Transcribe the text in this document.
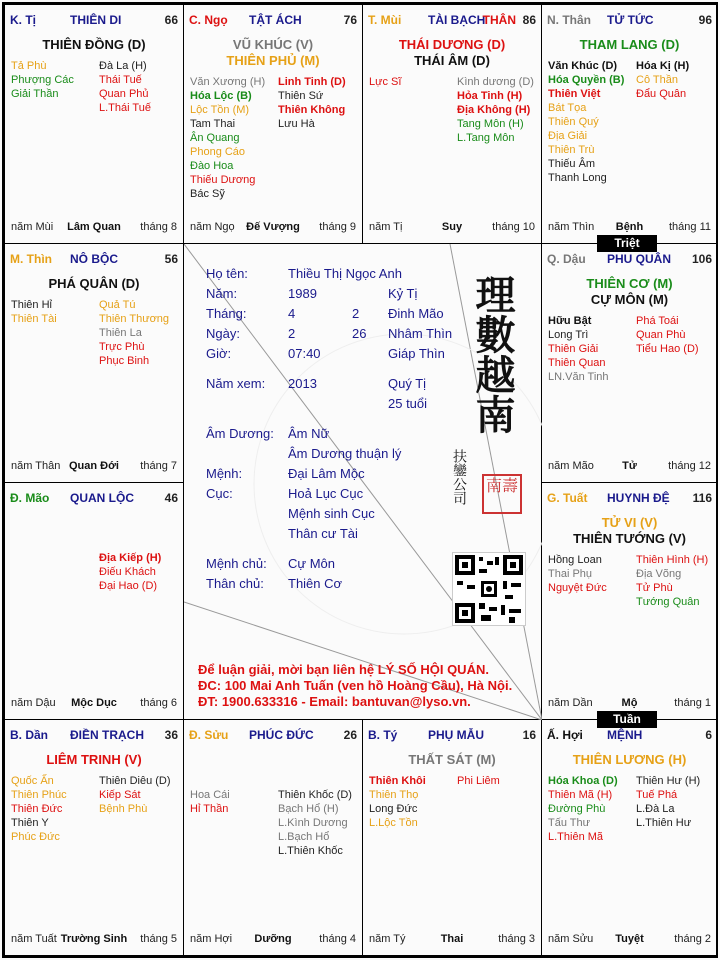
K. Tị	THIÊN DI	66
THIÊN ĐỒNG (D)
Tả Phù
Phượng Các
Giải Thần
Đà La (H)
Thái Tuế
Quan Phủ
L.Thái Tuế
năm Mùi	Lâm Quan	tháng 8
C. Ngọ TẬT ÁCH	76
VŨ KHÚC (V)
THIÊN PHỦ (M)
Văn Xương (H)
Hóa Lộc (B)
Lộc Tồn (M)
Tam Thai
Ân Quang
Phong Cáo
Đào Hoa
Thiếu Dương
Bác Sỹ
Linh Tinh (D)
Thiên Sứ
Thiên Không
Lưu Hà
năm Ngọ	Đế Vượng	tháng 9
T. Mùi TÀI BẠCH
THÂN 86
THÁI DƯƠNG (D)
THÁI ÂM (D)
Lực Sĩ	Kình dương (D)
Hỏa Tinh (H)
Địa Không (H)
Tang Môn (H)
L.Tang Môn
năm Tị	Suy	tháng 10
N. Thân TỬ TỨC	96
THAM LANG (D)
Văn Khúc (D)
Hóa Quyền (B)
Thiên Việt
Bát Tọa
Thiên Quý
Địa Giải
Thiên Trù
Thiếu Âm
Thanh Long
Hóa Kị (H)
Cô Thần
Đẩu Quân
năm Thìn	Bệnh	tháng 11
M. Thìn NÔ BỘC	56
PHÁ QUÂN (D)
Thiên Hỉ
Thiên Tài
Quả Tú
Thiên Thương
Thiên La
Trực Phù
Phục Binh
năm Thân Quan Đới	tháng 7
Q. Dậu PHU QUÂN 106
THIÊN CƠ (M)
CỰ MÔN (M)
Hữu Bật
Long Trì
Thiên Giải
Thiên Quan
LN.Văn Tinh
Phá Toái
Quan Phù
Tiểu Hao (D)
năm Mão	Tử	tháng 12
Đ. Mão QUAN LỘC	46
Địa Kiếp (H)
Điếu Khách
Đại Hao (D)
năm Dậu	Mộc Dục	tháng 6
G. Tuất HUYNH ĐỆ 116
TỬ VI (V)
THIÊN TƯỚNG (V)
Hồng Loan
Thai Phụ
Nguyệt Đức
Thiên Hình (H)
Địa Võng
Tử Phù
Tướng Quân
năm Dần	Mộ	tháng 1
B. Dần ĐIỀN TRẠCH 36
LIÊM TRINH (V)
Quốc Ấn
Thiên Phúc
Thiên Đức
Thiên Y
Phúc Đức
Thiên Diêu (D)
Kiếp Sát
Bệnh Phù
năm Tuất Trường Sinh	tháng 5
Đ. Sửu PHÚC ĐỨC	26
Hoa Cái
Hỉ Thần
Thiên Khốc (D)
Bạch Hổ (H)
L.Kình Dương
L.Bạch Hổ
L.Thiên Khốc
năm Hợi	Dưỡng	tháng 4
B. Tý	PHỤ MẪU	16
THẤT SÁT (M)
Thiên Khôi
Thiên Thọ
Long Đức
L.Lộc Tồn
Phi Liêm
năm Tý	Thai	tháng 3
Ấ. Hợi MỆNH	6
THIÊN LƯƠNG (H)
Hóa Khoa (D)
Thiên Mã (H)
Đường Phù
Tấu Thư
L.Thiên Mã
Thiên Hư (H)
Tuế Phá
L.Đà La
L.Thiên Hư
năm Sửu	Tuyệt	tháng 2
Họ tên:	Thiều Thị Ngọc Anh
Năm:	1989	Kỷ Tị
Tháng:	4	2 Đinh Mão
Ngày:	2	26 Nhâm Thìn
Giờ:	07:40	Giáp Thìn
Năm xem: 2013	Quý Tị
25 tuổi
Âm Dương: Âm Nữ
Âm Dương thuận lý
Mệnh:	Đại Lâm Mộc
Cục:	Hoả Lục Cục
Mệnh sinh Cục
Thân cư Tài
Mệnh chủ: Cự Môn
Thân chủ: Thiên Cơ
理數越南
扶鑾公司 南壽
Để luận giải, mời bạn liên hệ LÝ SỐ HỘI QUÁN.
ĐC: 100 Mai Anh Tuấn (ven hồ Hoàng Cầu), Hà Nội.
ĐT: 1900.633316 - Email: bantuvan@lyso.vn.
Triệt
Tuần
